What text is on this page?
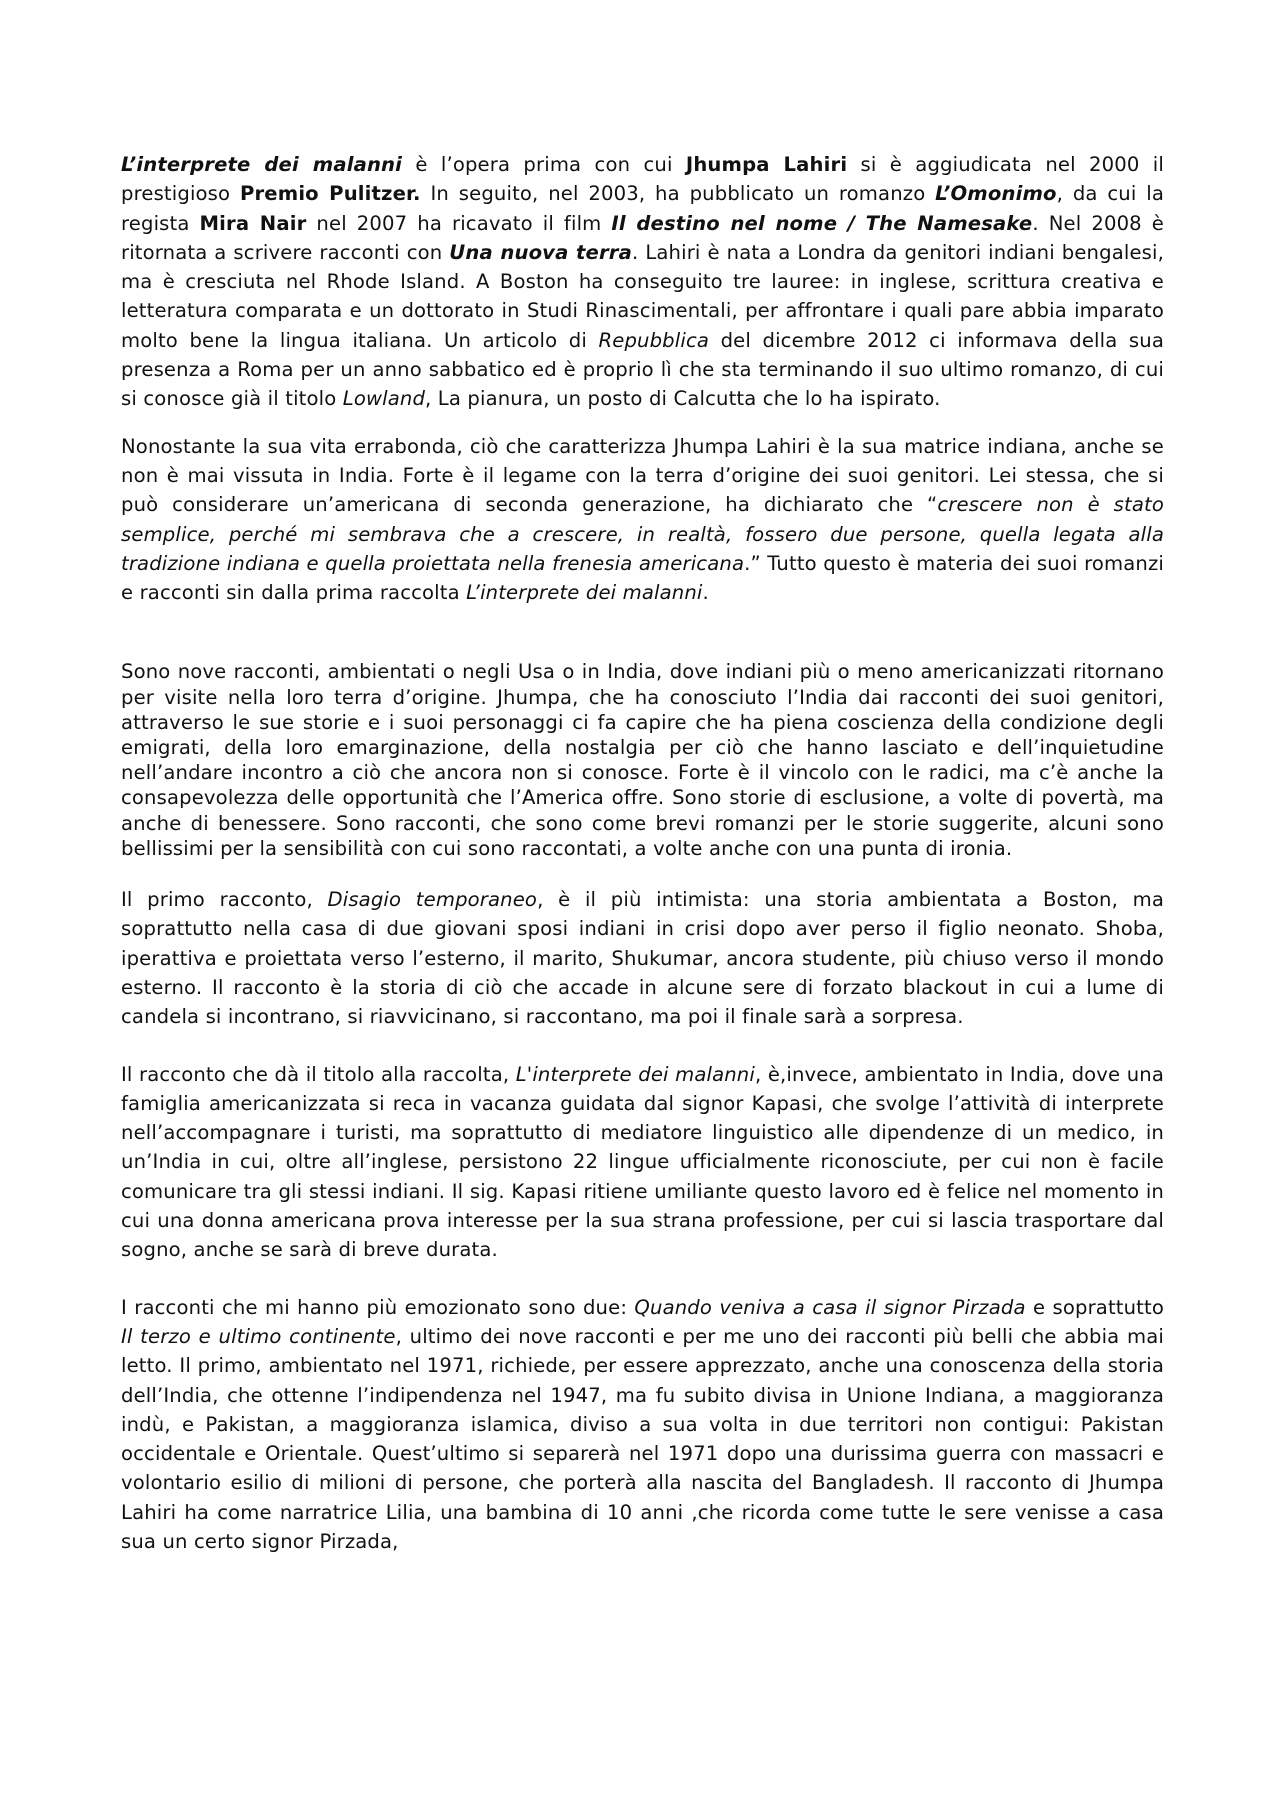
L’interprete dei malanni è l’opera prima con cui Jhumpa Lahiri si è aggiudicata nel 2000 il prestigioso Premio Pulitzer. In seguito, nel 2003, ha pubblicato un romanzo L’Omonimo, da cui la regista Mira Nair nel 2007 ha ricavato il film Il destino nel nome / The Namesake. Nel 2008 è ritornata a scrivere racconti con Una nuova terra. Lahiri è nata a Londra da genitori indiani bengalesi, ma è cresciuta nel Rhode Island. A Boston ha conseguito tre lauree: in inglese, scrittura creativa e letteratura comparata e un dottorato in Studi Rinascimentali, per affrontare i quali pare abbia imparato molto bene la lingua italiana. Un articolo di Repubblica del dicembre 2012 ci informava della sua presenza a Roma per un anno sabbatico ed è proprio lì che sta terminando il suo ultimo romanzo, di cui si conosce già il titolo Lowland, La pianura, un posto di Calcutta che lo ha ispirato.

Nonostante la sua vita errabonda, ciò che caratterizza Jhumpa Lahiri è la sua matrice indiana, anche se non è mai vissuta in India. Forte è il legame con la terra d’origine dei suoi genitori. Lei stessa, che si può considerare un’americana di seconda generazione, ha dichiarato che “crescere non è stato semplice, perché mi sembrava che a crescere, in realtà, fossero due persone, quella legata alla tradizione indiana e quella proiettata nella frenesia americana.” Tutto questo è materia dei suoi romanzi e racconti sin dalla prima raccolta L’interprete dei malanni.

Sono nove racconti, ambientati o negli Usa o in India, dove indiani più o meno americanizzati ritornano per visite nella loro terra d’origine. Jhumpa, che ha conosciuto l’India dai racconti dei suoi genitori, attraverso le sue storie e i suoi personaggi ci fa capire che ha piena coscienza della condizione degli emigrati, della loro emarginazione, della nostalgia per ciò che hanno lasciato e dell’inquietudine nell’andare incontro a ciò che ancora non si conosce. Forte è il vincolo con le radici, ma c’è anche la consapevolezza delle opportunità che l’America offre. Sono storie di esclusione, a volte di povertà, ma anche di benessere. Sono racconti, che sono come brevi romanzi per le storie suggerite, alcuni sono bellissimi per la sensibilità con cui sono raccontati, a volte anche con una punta di ironia.

Il primo racconto, Disagio temporaneo, è il più intimista: una storia ambientata a Boston, ma soprattutto nella casa di due giovani sposi indiani in crisi dopo aver perso il figlio neonato. Shoba, iperattiva e proiettata verso l’esterno, il marito, Shukumar, ancora studente, più chiuso verso il mondo esterno. Il racconto è la storia di ciò che accade in alcune sere di forzato blackout in cui a lume di candela si incontrano, si riavvicinano, si raccontano, ma poi il finale sarà a sorpresa.

Il racconto che dà il titolo alla raccolta, L'interprete dei malanni, è,invece, ambientato in India, dove una famiglia americanizzata si reca in vacanza guidata dal signor Kapasi, che svolge l’attività di interprete nell’accompagnare i turisti, ma soprattutto di mediatore linguistico alle dipendenze di un medico, in un’India in cui, oltre all’inglese, persistono 22 lingue ufficialmente riconosciute, per cui non è facile comunicare tra gli stessi indiani. Il sig. Kapasi ritiene umiliante questo lavoro ed è felice nel momento in cui una donna americana prova interesse per la sua strana professione, per cui si lascia trasportare dal sogno, anche se sarà di breve durata.

I racconti che mi hanno più emozionato sono due: Quando veniva a casa il signor Pirzada e soprattutto Il terzo e ultimo continente, ultimo dei nove racconti e per me uno dei racconti più belli che abbia mai letto. Il primo, ambientato nel 1971, richiede, per essere apprezzato, anche una conoscenza della storia dell’India, che ottenne l’indipendenza nel 1947, ma fu subito divisa in Unione Indiana, a maggioranza indù, e Pakistan, a maggioranza islamica, diviso a sua volta in due territori non contigui: Pakistan occidentale e Orientale. Quest’ultimo si separerà nel 1971 dopo una durissima guerra con massacri e volontario esilio di milioni di persone, che porterà alla nascita del Bangladesh. Il racconto di Jhumpa Lahiri ha come narratrice Lilia, una bambina di 10 anni ,che ricorda come tutte le sere venisse a casa sua un certo signor Pirzada,
